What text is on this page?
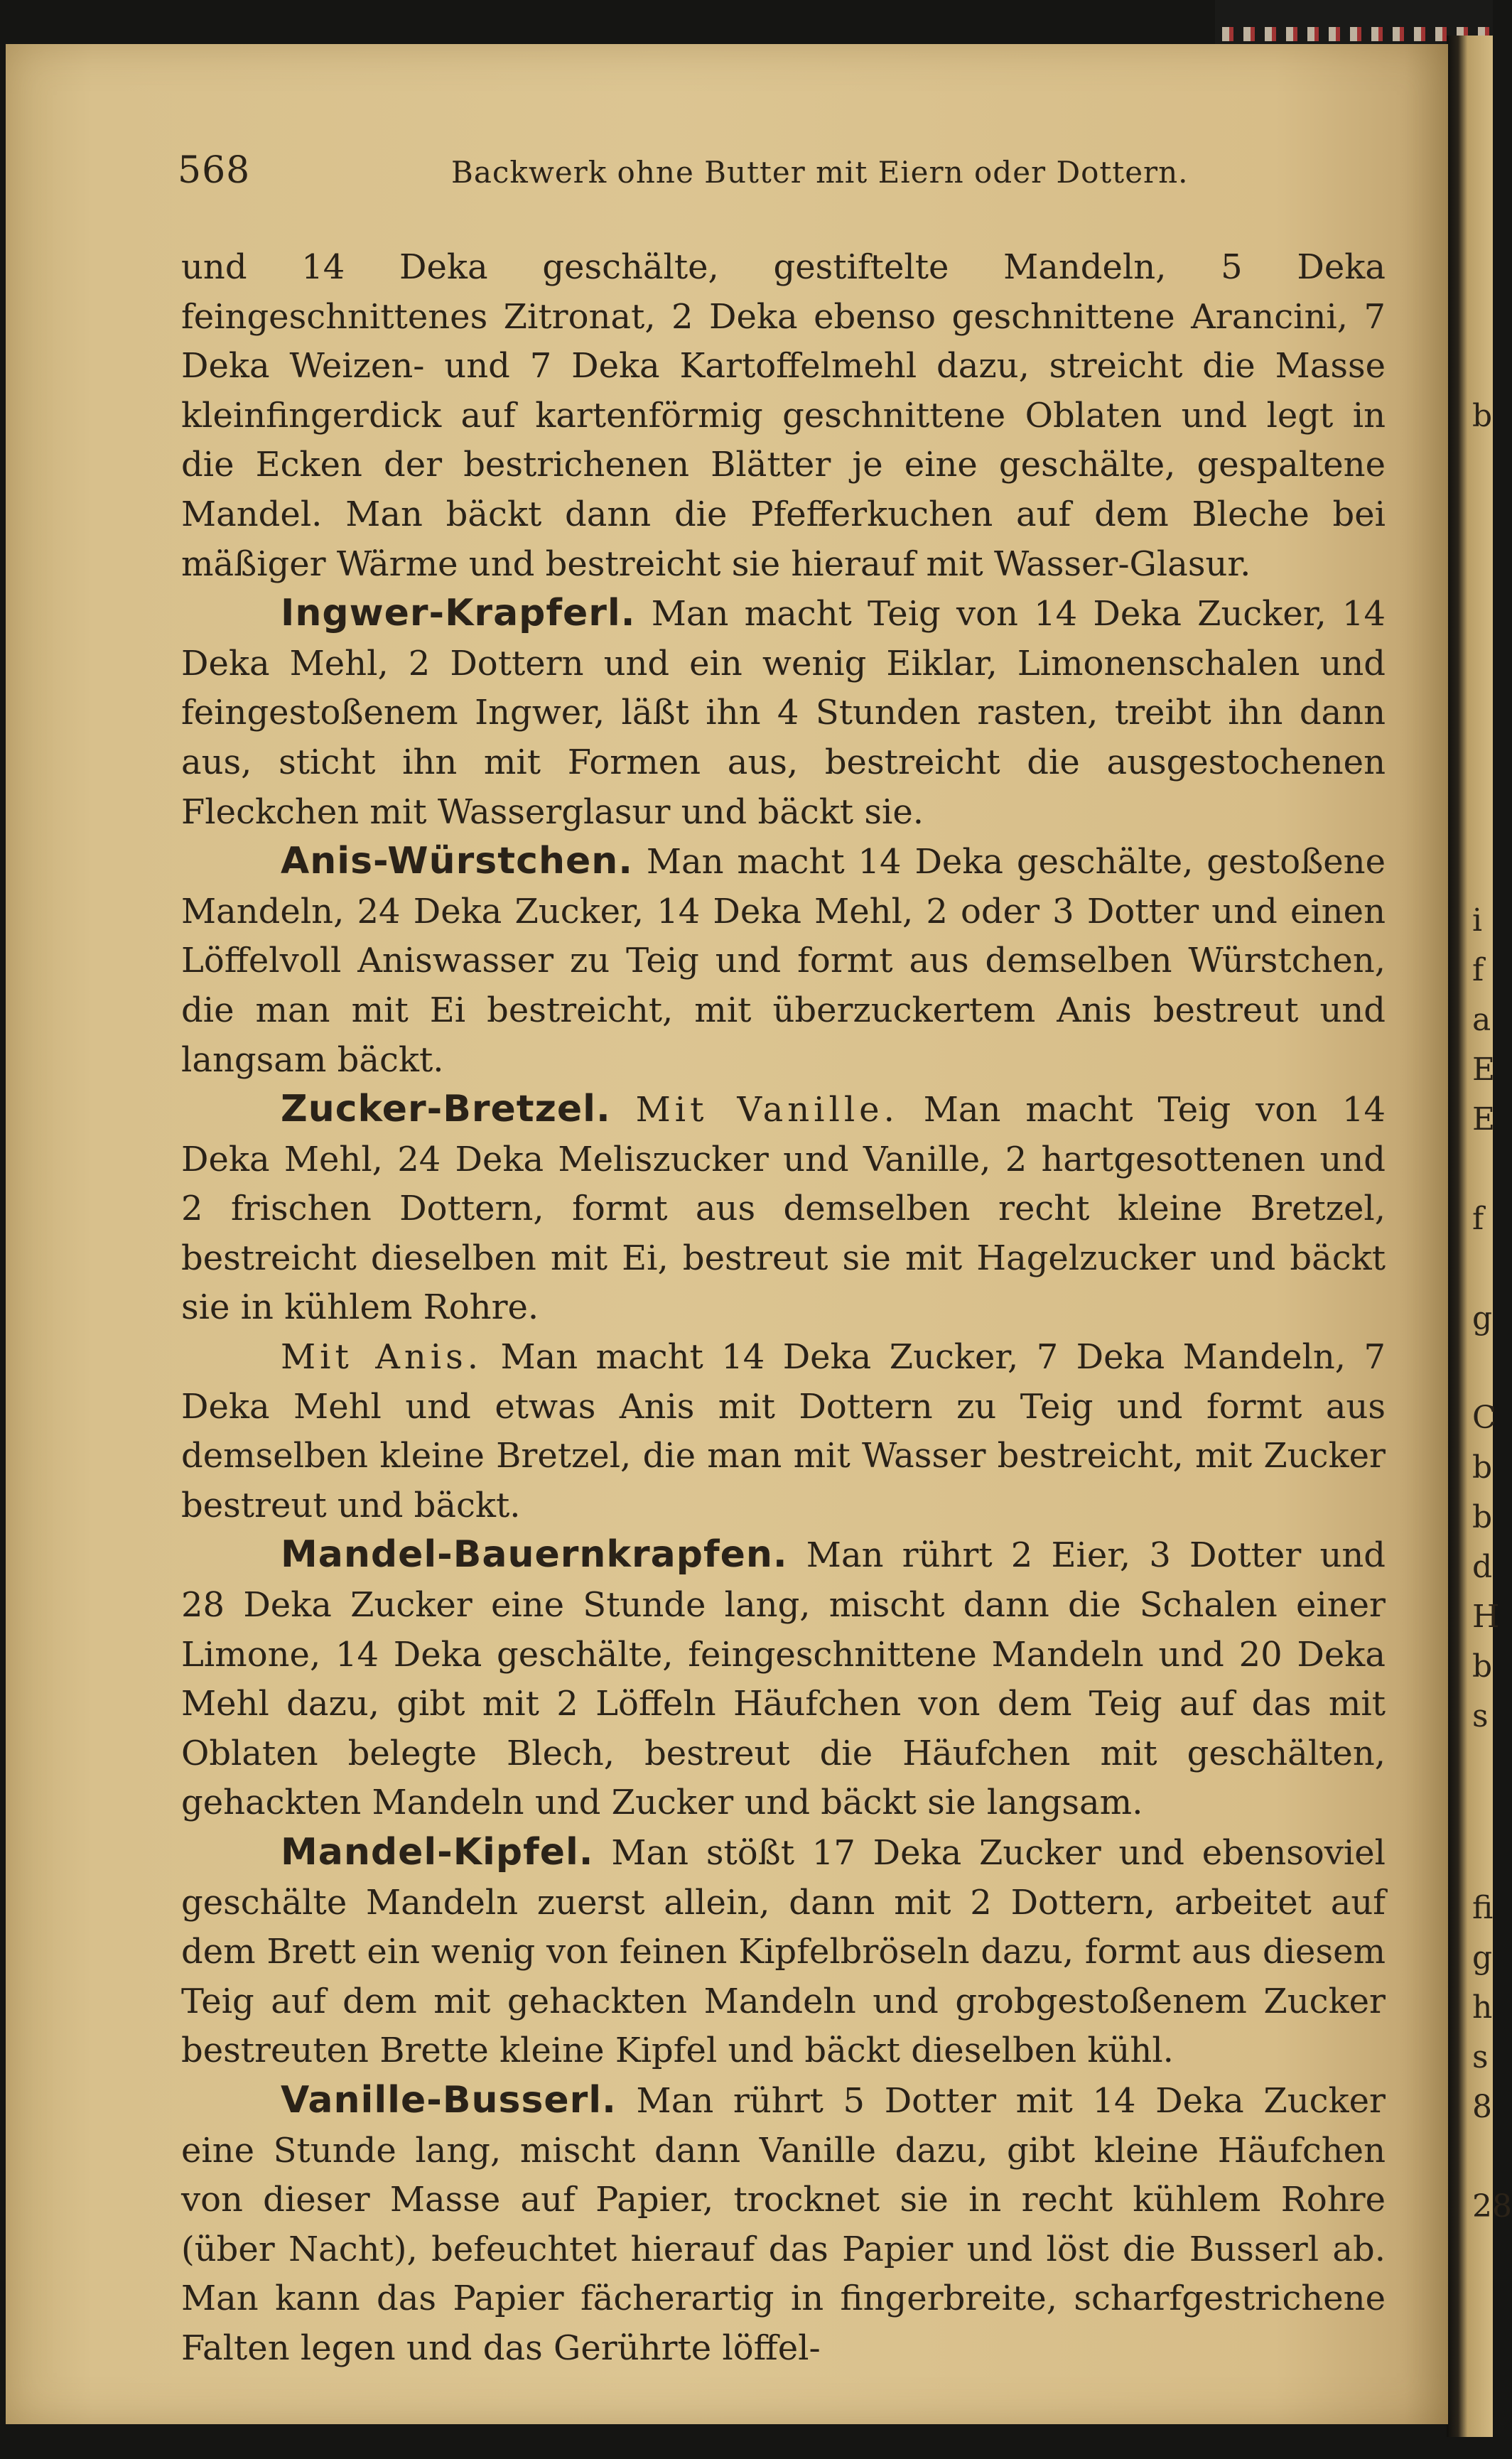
568	Backwerk ohne Butter mit Eiern oder Dottern.

und 14 Deka geschälte, gestiftelte Mandeln, 5 Deka feingeschnittenes Zitronat, 2 Deka ebenso geschnittene Arancini, 7 Deka Weizen- und 7 Deka Kartoffelmehl dazu, streicht die Masse kleinfingerdick auf kartenförmig geschnittene Oblaten und legt in die Ecken der bestrichenen Blätter je eine geschälte, gespaltene Mandel. Man bäckt dann die Pfefferkuchen auf dem Bleche bei mäßiger Wärme und bestreicht sie hierauf mit Wasser-Glasur.

Ingwer-Krapferl. Man macht Teig von 14 Deka Zucker, 14 Deka Mehl, 2 Dottern und ein wenig Eiklar, Limonenschalen und feingestoßenem Ingwer, läßt ihn 4 Stunden rasten, treibt ihn dann aus, sticht ihn mit Formen aus, bestreicht die ausgestochenen Fleckchen mit Wasserglasur und bäckt sie.

Anis-Würstchen. Man macht 14 Deka geschälte, gestoßene Mandeln, 24 Deka Zucker, 14 Deka Mehl, 2 oder 3 Dotter und einen Löffelvoll Aniswasser zu Teig und formt aus demselben Würstchen, die man mit Ei bestreicht, mit überzuckertem Anis bestreut und langsam bäckt.

Zucker-Bretzel. Mit Vanille. Man macht Teig von 14 Deka Mehl, 24 Deka Meliszucker und Vanille, 2 hartgesottenen und 2 frischen Dottern, formt aus demselben recht kleine Bretzel, bestreicht dieselben mit Ei, bestreut sie mit Hagelzucker und bäckt sie in kühlem Rohre.

Mit Anis. Man macht 14 Deka Zucker, 7 Deka Mandeln, 7 Deka Mehl und etwas Anis mit Dottern zu Teig und formt aus demselben kleine Bretzel, die man mit Wasser bestreicht, mit Zucker bestreut und bäckt.

Mandel-Bauernkrapfen. Man rührt 2 Eier, 3 Dotter und 28 Deka Zucker eine Stunde lang, mischt dann die Schalen einer Limone, 14 Deka geschälte, feingeschnittene Mandeln und 20 Deka Mehl dazu, gibt mit 2 Löffeln Häufchen von dem Teig auf das mit Oblaten belegte Blech, bestreut die Häufchen mit geschälten, gehackten Mandeln und Zucker und bäckt sie langsam.

Mandel-Kipfel. Man stößt 17 Deka Zucker und ebensoviel geschälte Mandeln zuerst allein, dann mit 2 Dottern, arbeitet auf dem Brett ein wenig von feinen Kipfelbröseln dazu, formt aus diesem Teig auf dem mit gehackten Mandeln und grobgestoßenem Zucker bestreuten Brette kleine Kipfel und bäckt dieselben kühl.

Vanille-Busserl. Man rührt 5 Dotter mit 14 Deka Zucker eine Stunde lang, mischt dann Vanille dazu, gibt kleine Häufchen von dieser Masse auf Papier, trocknet sie in recht kühlem Rohre (über Nacht), befeuchtet hierauf das Papier und löst die Busserl ab. Man kann das Papier fächerartig in fingerbreite, scharfgestrichene Falten legen und das Gerührte löffel-

b
i
f
a
E
E
f
g
C
b
b
d
H
b
s
fi
g
h
s
8
28
